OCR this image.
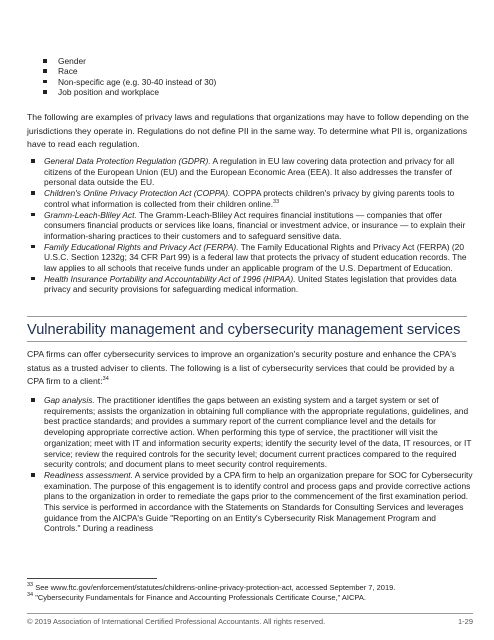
Gender
Race
Non-specific age (e.g. 30-40 instead of 30)
Job position and workplace

The following are examples of privacy laws and regulations that organizations may have to follow depending on the jurisdictions they operate in. Regulations do not define PII in the same way. To determine what PII is, organizations have to read each regulation.

General Data Protection Regulation (GDPR). A regulation in EU law covering data protection and privacy for all citizens of the European Union (EU) and the European Economic Area (EEA). It also addresses the transfer of personal data outside the EU.
Children's Online Privacy Protection Act (COPPA). COPPA protects children's privacy by giving parents tools to control what information is collected from their children online.$^{33}$
Gramm-Leach-Bliley Act. The Gramm-Leach-Bliley Act requires financial institutions — companies that offer consumers financial products or services like loans, financial or investment advice, or insurance — to explain their information-sharing practices to their customers and to safeguard sensitive data.
Family Educational Rights and Privacy Act (FERPA). The Family Educational Rights and Privacy Act (FERPA) (20 U.S.C. Section 1232g; 34 CFR Part 99) is a federal law that protects the privacy of student education records. The law applies to all schools that receive funds under an applicable program of the U.S. Department of Education.
Health Insurance Portability and Accountability Act of 1996 (HIPAA). United States legislation that provides data privacy and security provisions for safeguarding medical information.
Vulnerability management and cybersecurity management services

CPA firms can offer cybersecurity services to improve an organization's security posture and enhance the CPA's status as a trusted adviser to clients. The following is a list of cybersecurity services that could be provided by a CPA firm to a client:$^{34}$

Gap analysis. The practitioner identifies the gaps between an existing system and a target system or set of requirements; assists the organization in obtaining full compliance with the appropriate regulations, guidelines, and best practice standards; and provides a summary report of the current compliance level and the details for developing appropriate corrective action. When performing this type of service, the practitioner will visit the organization; meet with IT and information security experts; identify the security level of the data, IT resources, or IT service; review the required controls for the security level; document current practices compared to the required security controls; and document plans to meet security control requirements.
Readiness assessment. A service provided by a CPA firm to help an organization prepare for SOC for Cybersecurity examination. The purpose of this engagement is to identify control and process gaps and provide corrective actions plans to the organization in order to remediate the gaps prior to the commencement of the first examination period. This service is performed in accordance with the Statements on Standards for Consulting Services and leverages guidance from the AICPA's Guide "Reporting on an Entity's Cybersecurity Risk Management Program and Controls." During a readiness
$^{33}$ See www.ftc.gov/enforcement/statutes/childrens-online-privacy-protection-act, accessed September 7, 2019.
$^{34}$ "Cybersecurity Fundamentals for Finance and Accounting Professionals Certificate Course," AICPA.
© 2019 Association of International Certified Professional Accountants. All rights reserved.	1-29
